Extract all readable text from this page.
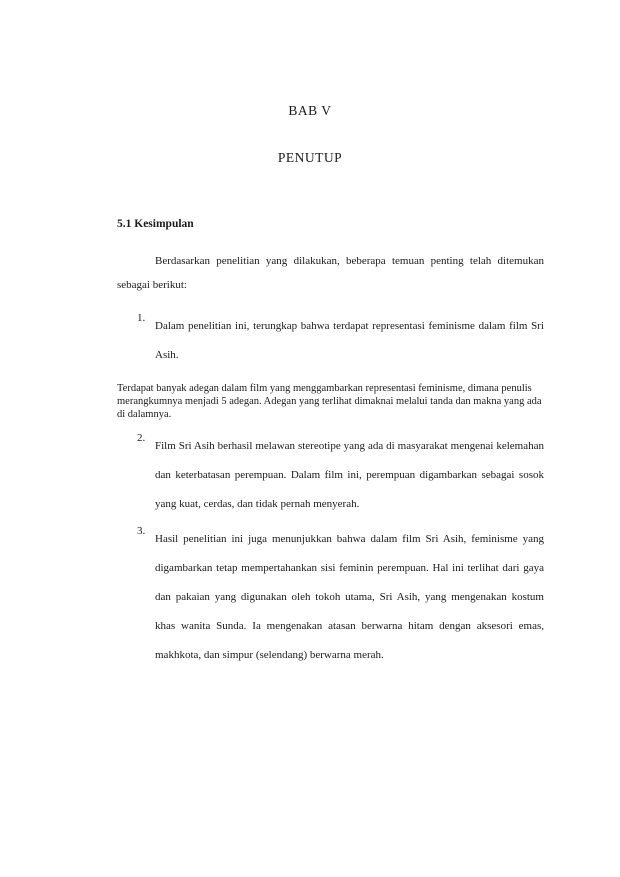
BAB V
PENUTUP
5.1 Kesimpulan
Berdasarkan penelitian yang dilakukan, beberapa temuan penting telah ditemukan sebagai berikut:
1.
Dalam penelitian ini, terungkap bahwa terdapat representasi feminisme dalam film Sri Asih.
Terdapat banyak adegan dalam film yang menggambarkan representasi feminisme, dimana penulis merangkumnya menjadi 5 adegan. Adegan yang terlihat dimaknai melalui tanda dan makna yang ada di dalamnya.
2.
Film Sri Asih berhasil melawan stereotipe yang ada di masyarakat mengenai kelemahan dan keterbatasan perempuan. Dalam film ini, perempuan digambarkan sebagai sosok yang kuat, cerdas, dan tidak pernah menyerah.
3.
Hasil penelitian ini juga menunjukkan bahwa dalam film Sri Asih, feminisme yang digambarkan tetap mempertahankan sisi feminin perempuan. Hal ini terlihat dari gaya dan pakaian yang digunakan oleh tokoh utama, Sri Asih, yang mengenakan kostum khas wanita Sunda. Ia mengenakan atasan berwarna hitam dengan aksesori emas, makhkota, dan simpur (selendang) berwarna merah.
